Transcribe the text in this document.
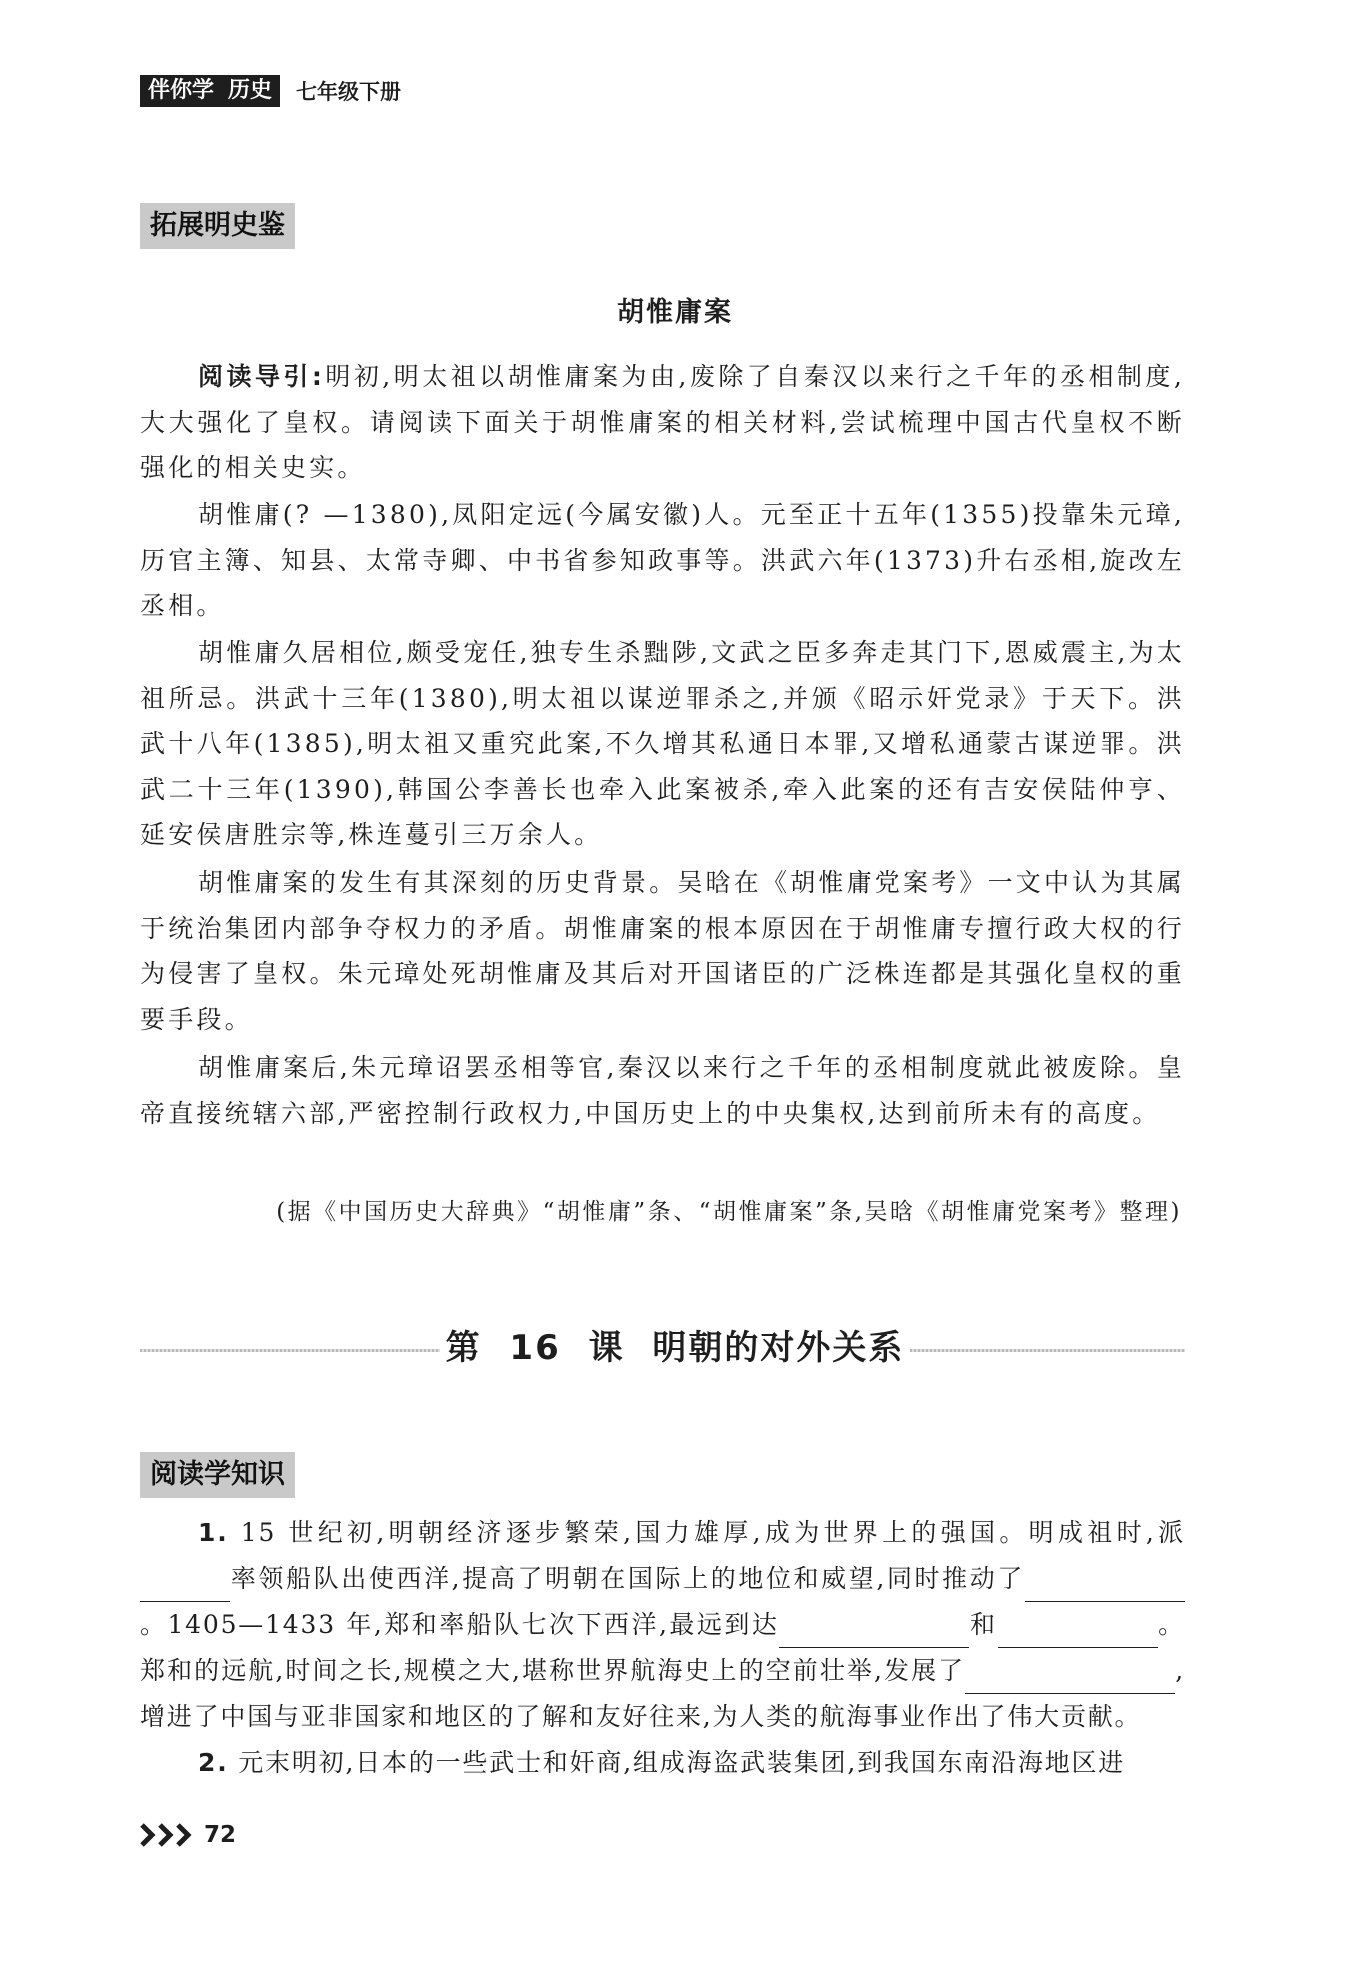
伴你学 历史 七年级下册
拓展明史鉴
胡惟庸案

阅读导引:明初,明太祖以胡惟庸案为由,废除了自秦汉以来行之千年的丞相制度,大大强化了皇权。请阅读下面关于胡惟庸案的相关材料,尝试梳理中国古代皇权不断强化的相关史实。

胡惟庸(? —1380),凤阳定远(今属安徽)人。元至正十五年(1355)投靠朱元璋,历官主簿、知县、太常寺卿、中书省参知政事等。洪武六年(1373)升右丞相,旋改左丞相。

胡惟庸久居相位,颇受宠任,独专生杀黜陟,文武之臣多奔走其门下,恩威震主,为太祖所忌。洪武十三年(1380),明太祖以谋逆罪杀之,并颁《昭示奸党录》于天下。洪武十八年(1385),明太祖又重究此案,不久增其私通日本罪,又增私通蒙古谋逆罪。洪武二十三年(1390),韩国公李善长也牵入此案被杀,牵入此案的还有吉安侯陆仲亨、延安侯唐胜宗等,株连蔓引三万余人。

胡惟庸案的发生有其深刻的历史背景。吴晗在《胡惟庸党案考》一文中认为其属于统治集团内部争夺权力的矛盾。胡惟庸案的根本原因在于胡惟庸专擅行政大权的行为侵害了皇权。朱元璋处死胡惟庸及其后对开国诸臣的广泛株连都是其强化皇权的重要手段。

胡惟庸案后,朱元璋诏罢丞相等官,秦汉以来行之千年的丞相制度就此被废除。皇帝直接统辖六部,严密控制行政权力,中国历史上的中央集权,达到前所未有的高度。

(据《中国历史大辞典》“胡惟庸”条、“胡惟庸案”条,吴晗《胡惟庸党案考》整理)
第 16 课 明朝的对外关系
阅读学知识

1. 15 世纪初,明朝经济逐步繁荣,国力雄厚,成为世界上的强国。明成祖时,派率领船队出使西洋,提高了明朝在国际上的地位和威望,同时推动了。1405—1433 年,郑和率船队七次下西洋,最远到达	和	。郑和的远航,时间之长,规模之大,堪称世界航海史上的空前壮举,发展了	,增进了中国与亚非国家和地区的了解和友好往来,为人类的航海事业作出了伟大贡献。

2. 元末明初,日本的一些武士和奸商,组成海盗武装集团,到我国东南沿海地区进

72
